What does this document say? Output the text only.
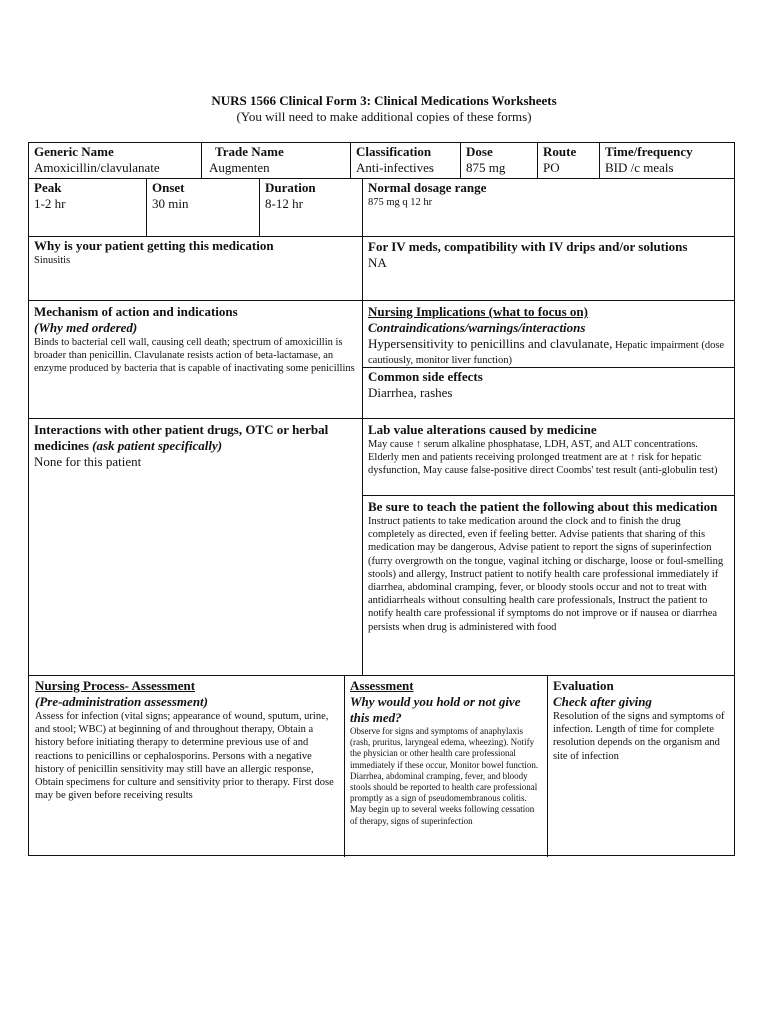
NURS 1566 Clinical Form 3: Clinical Medications Worksheets
(You will need to make additional copies of these forms)
Generic Name
Amoxicillin/clavulanate
Trade Name
Augmenten
Classification
Anti-infectives
Dose
875 mg
Route
PO
Time/frequency
BID /c meals
Peak
1-2 hr
Onset
30 min
Duration
8-12 hr
Normal dosage range
875 mg q 12 hr
Why is your patient getting this medication
Sinusitis
For IV meds, compatibility with IV drips and/or solutions
NA
Mechanism of action and indications
(Why med ordered)
Binds to bacterial cell wall, causing cell death; spectrum of amoxicillin is broader than penicillin. Clavulanate resists action of beta-lactamase, an enzyme produced by bacteria that is capable of inactivating some penicillins
Nursing Implications (what to focus on)
Contraindications/warnings/interactions
Hypersensitivity to penicillins and clavulanate, Hepatic impairment (dose cautiously, monitor liver function)
Common side effects
Diarrhea, rashes
Interactions with other patient drugs, OTC or herbal medicines (ask patient specifically)
None for this patient
Lab value alterations caused by medicine
May cause ↑ serum alkaline phosphatase, LDH, AST, and ALT concentrations. Elderly men and patients receiving prolonged treatment are at ↑ risk for hepatic dysfunction, May cause false-positive direct Coombs' test result (anti-globulin test)
Be sure to teach the patient the following about this medication
Instruct patients to take medication around the clock and to finish the drug completely as directed, even if feeling better. Advise patients that sharing of this medication may be dangerous, Advise patient to report the signs of superinfection (furry overgrowth on the tongue, vaginal itching or discharge, loose or foul-smelling stools) and allergy, Instruct patient to notify health care professional immediately if diarrhea, abdominal cramping, fever, or bloody stools occur and not to treat with antidiarrheals without consulting health care professionals, Instruct the patient to notify health care professional if symptoms do not improve or if nausea or diarrhea persists when drug is administered with food
Nursing Process- Assessment
(Pre-administration assessment)
Assess for infection (vital signs; appearance of wound, sputum, urine, and stool; WBC) at beginning of and throughout therapy, Obtain a history before initiating therapy to determine previous use of and reactions to penicillins or cephalosporins. Persons with a negative history of penicillin sensitivity may still have an allergic response, Obtain specimens for culture and sensitivity prior to therapy. First dose may be given before receiving results
Assessment
Why would you hold or not give this med?
Observe for signs and symptoms of anaphylaxis (rash, pruritus, laryngeal edema, wheezing). Notify the physician or other health care professional immediately if these occur, Monitor bowel function. Diarrhea, abdominal cramping, fever, and bloody stools should be reported to health care professional promptly as a sign of pseudomembranous colitis. May begin up to several weeks following cessation of therapy, signs of superinfection
Evaluation
Check after giving
Resolution of the signs and symptoms of infection. Length of time for complete resolution depends on the organism and site of infection
